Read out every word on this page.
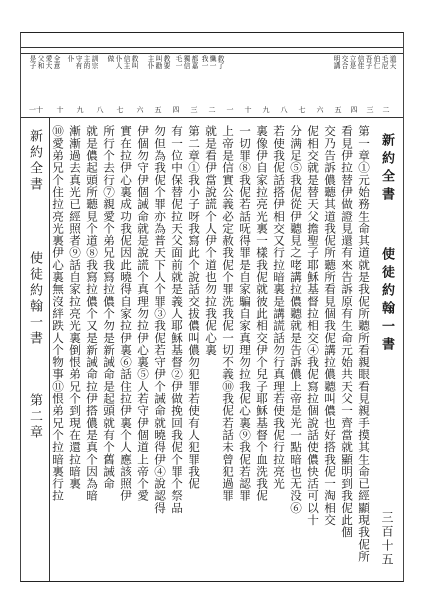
是子 父和 愛大 全意 仆 守有 主的 訓宗 做 仆人 信主 救叫 主仆 叫勸 教要 毛一 獨信 都嘉 我一 懺一 救了	明講 交合 立是 信佳 吾子 伯仁 毛尼 道天
一十	十	九	八	七	六	五	四	三	二	一	十	九	八	七	六	五	四	三	二
新約全書
使徒約翰一書
新約全書
使徒約翰一書
第二章
三百十五
第一章①元始務生命其道就是我伲所聽所看親眼看見親手摸其生命已經顯現我伲所
看見伊拉替伊做證見還有來告訴原有生命元始共天父一齊當就顯明到我伲此個
交乃告訴儂聽其道我伲所聽所看見個我伲講拉儂聽叫儂也好搭我伲一淘相交
伲相交就是替天父擔聖子耶穌基督拉相交④我伲寫拉個說話使儂快活可以十
分满足⑤我伲從伊聽見之咾講拉儂聽就是告訴儂上帝是光一點暗也无没⑥
若使我伲話搭伊相交又行拉暗裏是講謊話勿行真理若使我伲行拉亮光
裏像伊自家拉亮光裏一樣我伲就彼此相交伊个兒子耶穌基督个血洗我伲
一切罪⑧我伲若話呒得罪是自家騙自家真理勿拉我伲心裏⑨我伲若認罪
上帝是信實公義必定赦我伲个罪洗我伲一切不義⑩我伲若話未曾犯過罪
就是看伊當說謊个人伊个道也勿拉我伲心裏
第二章①我小子呀我寫此个說話交拔儂叫儂勿犯罪若使有人犯罪我伲
有一位中保替伲拉天父面前就是義人耶穌基督②伊做挽回我伲个罪个祭品
勿但為我伲个罪亦為普天下人个罪③我伲若守伊个誡命就曉得伊④說認得
伊個勿守伊個誡命就是說謊个真理勿拉伊心裏⑤人若守伊個道上帝个愛
實在拉伊心裏成功我伲因此曉得自家拉伊裏⑥話住拉伊裏个人應該照伊
所行个去行⑦親愛个弟兄我寫拉儂个勿是新誡命是起頭就有个舊誡命
就是儂起頭所聽見个道⑧我寫拉儂个又是新誡命拉伊搭儂是真个因為暗
漸漸過去真光已經照者⑨話自家拉亮光裏倒恨弟兄个到現在還拉暗裏
⑩愛弟兄个住拉亮光裏伊心裏無沒絆跌人个物事⑪恨弟兄个拉暗裏行拉
